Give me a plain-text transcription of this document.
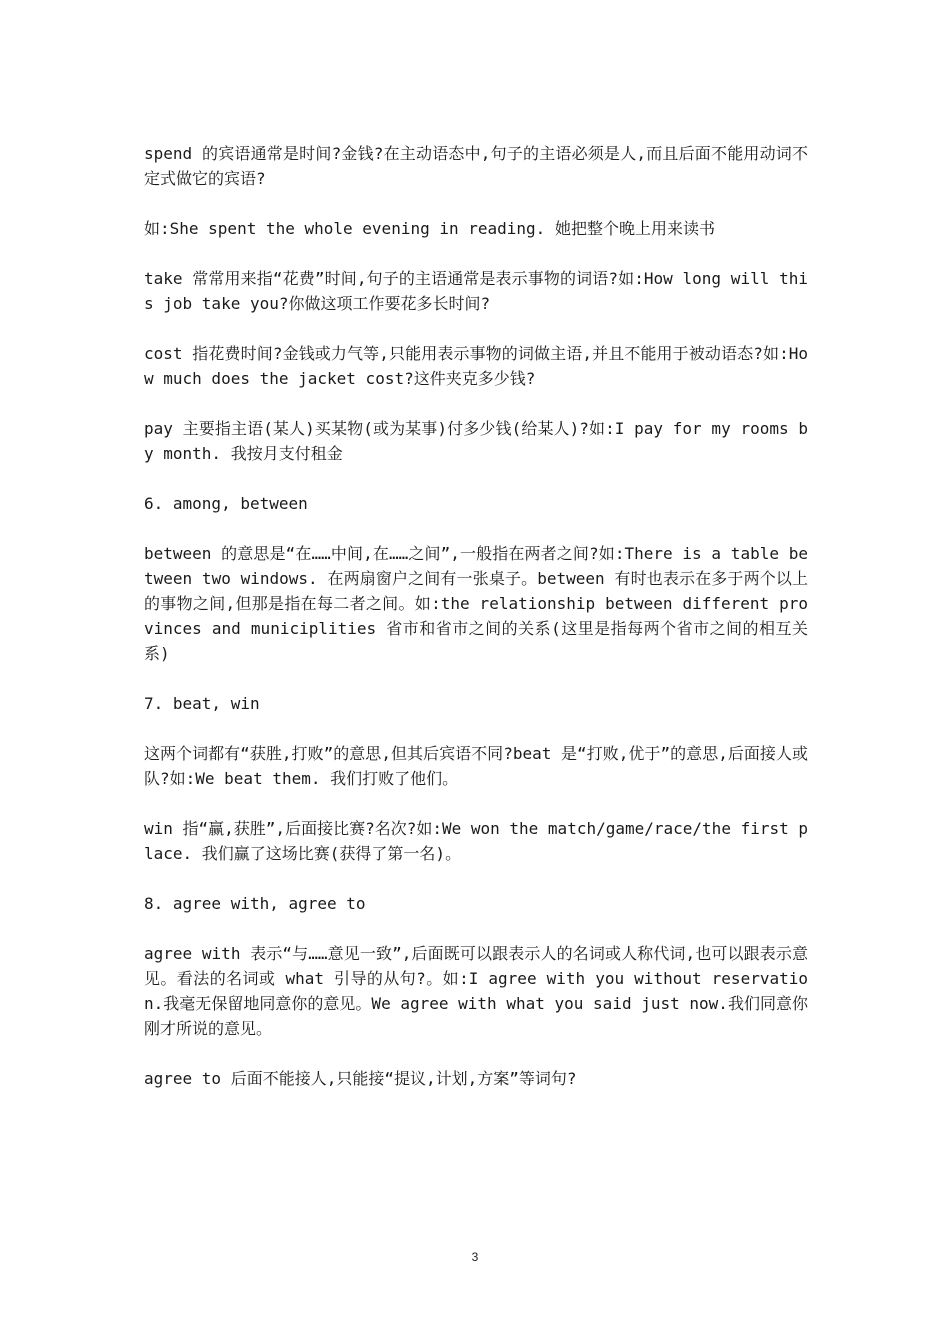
spend 的宾语通常是时间?金钱?在主动语态中,句子的主语必须是人,而且后面不能用动词不定式做它的宾语?

如:She spent the whole evening in reading. 她把整个晚上用来读书

take 常常用来指“花费”时间,句子的主语通常是表示事物的词语?如:How long will this job take you?你做这项工作要花多长时间?

cost 指花费时间?金钱或力气等,只能用表示事物的词做主语,并且不能用于被动语态?如:How much does the jacket cost?这件夹克多少钱?

pay 主要指主语(某人)买某物(或为某事)付多少钱(给某人)?如:I pay for my rooms by month. 我按月支付租金

6. among, between

between 的意思是“在……中间,在……之间”,一般指在两者之间?如:There is a table between two windows. 在两扇窗户之间有一张桌子。between 有时也表示在多于两个以上的事物之间,但那是指在每二者之间。如:the relationship between different provinces and municiplities 省市和省市之间的关系(这里是指每两个省市之间的相互关系)

7. beat, win

这两个词都有“获胜,打败”的意思,但其后宾语不同?beat 是“打败,优于”的意思,后面接人或队?如:We beat them. 我们打败了他们。

win 指“赢,获胜”,后面接比赛?名次?如:We won the match/game/race/the first place. 我们赢了这场比赛(获得了第一名)。

8. agree with, agree to

agree with 表示“与……意见一致”,后面既可以跟表示人的名词或人称代词,也可以跟表示意见。看法的名词或 what 引导的从句?。如:I agree with you without reservation.我毫无保留地同意你的意见。We agree with what you said just now.我们同意你刚才所说的意见。

agree to 后面不能接人,只能接“提议,计划,方案”等词句?

3
